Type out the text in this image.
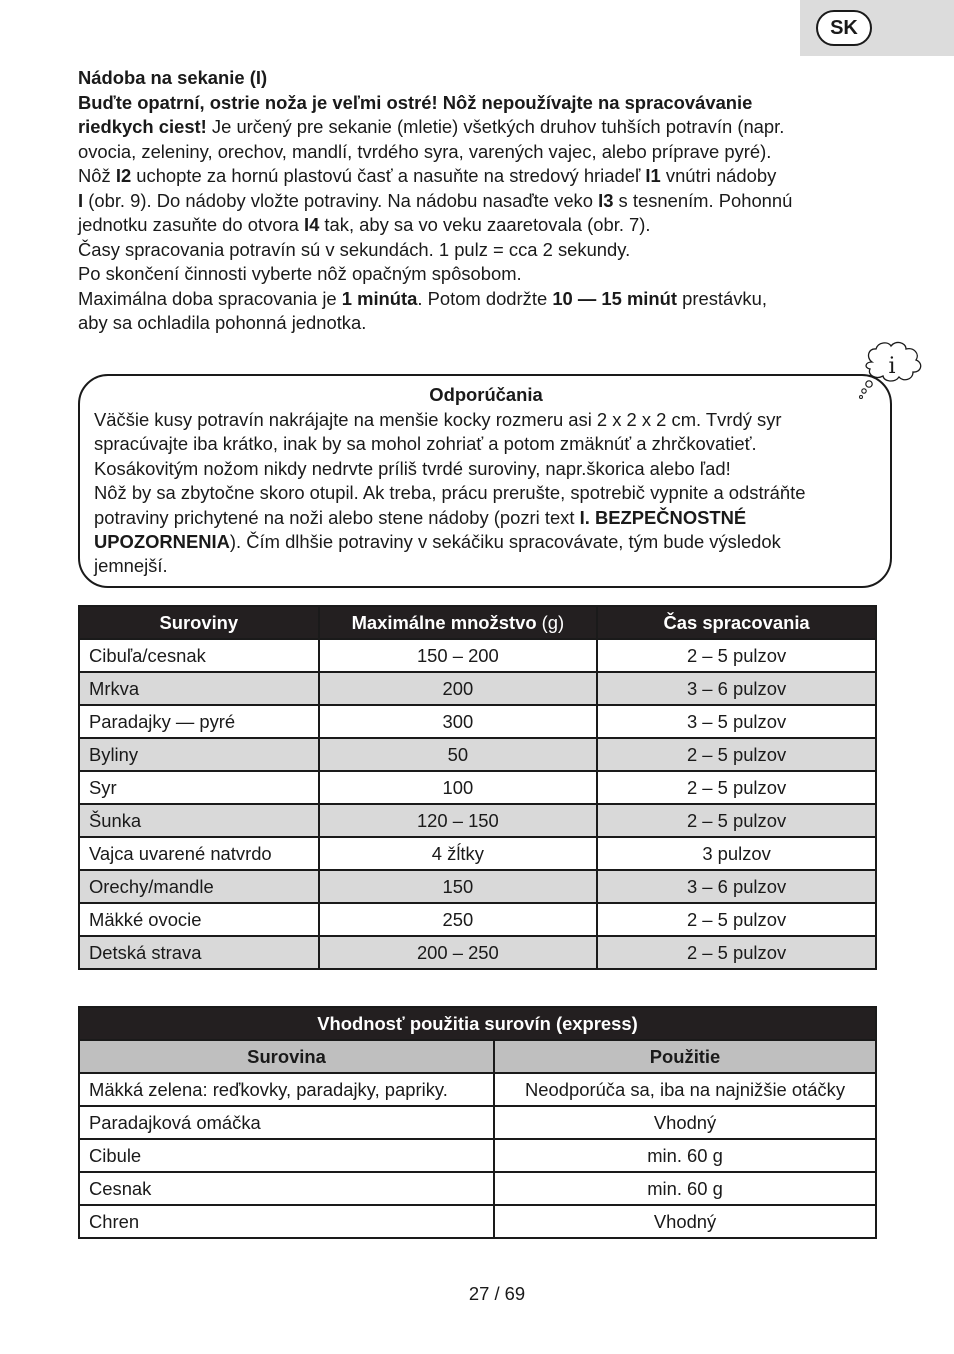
SK

Nádoba na sekanie (I)

Buďte opatrní, ostrie noža je veľmi ostré! Nôž nepoužívajte na spracovávanie

riedkych ciest! Je určený pre sekanie (mletie) všetkých druhov tuhších potravín (napr.

ovocia, zeleniny, orechov, mandlí, tvrdého syra, varených vajec, alebo príprave pyré).

Nôž I2 uchopte za hornú plastovú časť a nasuňte na stredový hriadeľ I1 vnútri nádoby

I (obr. 9). Do nádoby vložte potraviny. Na nádobu nasaďte veko I3 s tesnením. Pohonnú

jednotku zasuňte do otvora I4 tak, aby sa vo veku zaaretovala (obr. 7).

Časy spracovania potravín sú v sekundách. 1 pulz = cca 2 sekundy.

Po skončení činnosti vyberte nôž opačným spôsobom.

Maximálna doba spracovania je 1 minúta. Potom dodržte 10 — 15 minút prestávku,

aby sa ochladila pohonná jednotka.

Odporúčania

Väčšie kusy potravín nakrájajte na menšie kocky rozmeru asi 2 x 2 x 2 cm. Tvrdý syr

spracúvajte iba krátko, inak by sa mohol zohriať a potom zmäknúť a zhrčkovatieť.

Kosákovitým nožom nikdy nedrvte príliš tvrdé suroviny, napr.škorica alebo ľad!

Nôž by sa zbytočne skoro otupil. Ak treba, prácu prerušte, spotrebič vypnite a odstráňte

potraviny prichytené na noži alebo stene nádoby (pozri text I. BEZPEČNOSTNÉ

UPOZORNENIA). Čím dlhšie potraviny v sekáčiku spracovávate, tým bude výsledok

jemnejší.

i
Suroviny	Maximálne množstvo (g)	Čas spracovania
Cibuľa/cesnak	150 – 200	2 – 5 pulzov
Mrkva	200	3 – 6 pulzov
Paradajky — pyré	300	3 – 5 pulzov
Byliny	50	2 – 5 pulzov
Syr	100	2 – 5 pulzov
Šunka	120 – 150	2 – 5 pulzov
Vajca uvarené natvrdo	4 žĺtky	3 pulzov
Orechy/mandle	150	3 – 6 pulzov
Mäkké ovocie	250	2 – 5 pulzov
Detská strava	200 – 250	2 – 5 pulzov
Vhodnosť použitia surovín (express)	
Surovina	Použitie
Mäkká zelena: reďkovky, paradajky, papriky.	Neodporúča sa, iba na najnižšie otáčky
Paradajková omáčka	Vhodný
Cibule	min. 60 g
Cesnak	min. 60 g
Chren	Vhodný
27 / 69
